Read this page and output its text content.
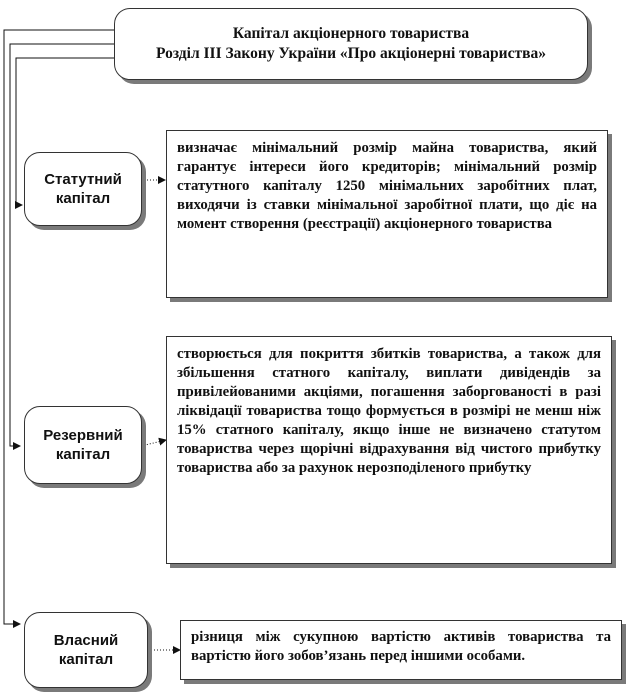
Капітал акціонерного товариства
Розділ ІІІ Закону України «Про акціонерні товариства»
Статутний
капітал

визначає мінімальний розмір майна товариства, який гарантує інтереси його кредиторів; мінімальний розмір статутного капіталу 1250 мінімальних заробітних плат, виходячи із ставки мінімальної заробітної плати, що діє на момент створення (реєстрації) акціонерного товариства

Резервний
капітал

створюється для покриття збитків товариства, а також для збільшення статного капіталу, виплати дивідендів за привілейованими акціями, погашення заборгованості в разі ліквідації товариства тощо формується в розмірі не менш ніж 15% статного капіталу, якщо інше не визначено статутом товариства через щорічні відрахування від чистого прибутку товариства або за рахунок нерозподіленого прибутку

Власний
капітал

різниця між сукупною вартістю активів товариства та вартістю його зобов’язань перед іншими особами.
